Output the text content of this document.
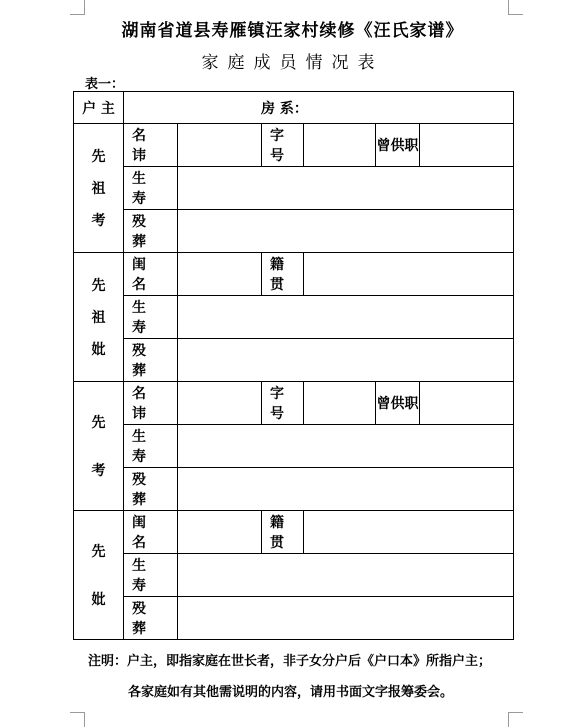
湖南省道县寿雁镇汪家村续修《汪氏家谱》
家庭成员情况表
表一：
户 主	房 系：					

先
祖
考	名 讳		字 号		曾供职	
	生 寿					
	殁 葬					

先
祖
妣	闺 名		籍 贯			
	生 寿					
	殁 葬					

先
考	名 讳		字 号		曾供职	
	生 寿					
	殁 葬					

先
妣	闺 名		籍 贯			
	生 寿					
	殁 葬					
注明：户主，即指家庭在世长者，非子女分户后《户口本》所指户主；
各家庭如有其他需说明的内容，请用书面文字报筹委会。
